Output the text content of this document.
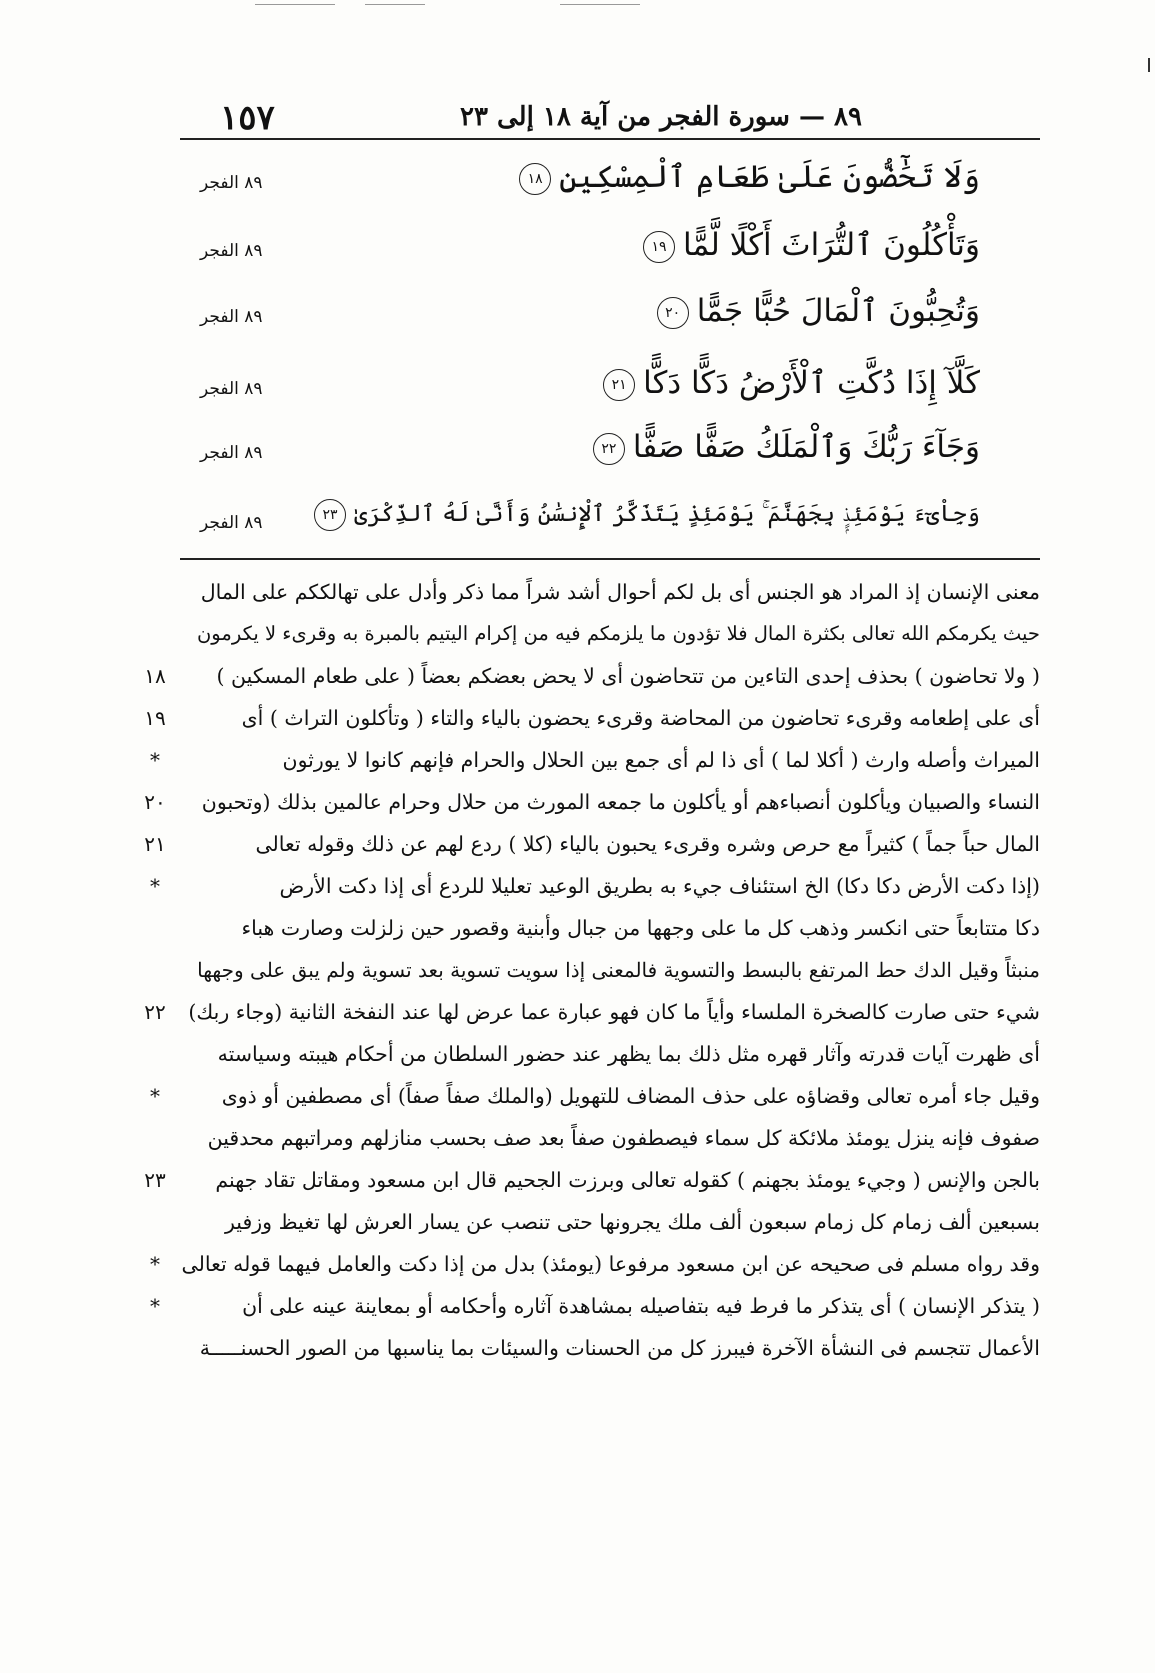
١٥٧	٨٩ — سورة الفجر من آية ١٨ إلى ٢٣
٨٩ الفجر	وَلَا تَحَٰٓضُّونَ عَلَىٰ طَعَامِ ٱلْمِسْكِينِ١٨
٨٩ الفجر	وَتَأْكُلُونَ ٱلتُّرَاثَ أَكْلًا لَّمًّا١٩
٨٩ الفجر	وَتُحِبُّونَ ٱلْمَالَ حُبًّا جَمًّا٢٠
٨٩ الفجر	كَلَّآ إِذَا دُكَّتِ ٱلْأَرْضُ دَكًّا دَكًّا٢١
٨٩ الفجر	وَجَآءَ رَبُّكَ وَٱلْمَلَكُ صَفًّا صَفًّا٢٢
٨٩ الفجر	وَجِاْىٓءَ يَوْمَئِذٍۭ بِجَهَنَّمَ ۚ يَوْمَئِذٍ يَتَذَكَّرُ ٱلْإِنسَٰنُ وَأَنَّىٰ لَهُ ٱلذِّكْرَىٰ٢٣
معنى الإنسان إذ المراد هو الجنس أى بل لكم أحوال أشد شراً مما ذكر وأدل على تهالككم على المال
حيث يكرمكم الله تعالى بكثرة المال فلا تؤدون ما يلزمكم فيه من إكرام اليتيم بالمبرة به وقرىء لا يكرمون
١٨ ( ولا تحاضون ) بحذف إحدى التاءين من تتحاضون أى لا يحض بعضكم بعضاً ( على طعام المسكين )
١٩	أى على إطعامه وقرىء تحاضون من المحاضة وقرىء يحضون بالياء والتاء ( وتأكلون التراث ) أى
*	الميراث وأصله وارث ( أكلا لما ) أى ذا لم أى جمع بين الحلال والحرام فإنهم كانوا لا يورثون
٢٠ النساء والصبيان ويأكلون أنصباءهم أو يأكلون ما جمعه المورث من حلال وحرام عالمين بذلك (وتحبون
٢١	المال حباً جماً ) كثيراً مع حرص وشره وقرىء يحبون بالياء (كلا ) ردع لهم عن ذلك وقوله تعالى
*	(إذا دكت الأرض دكا دكا) الخ استئناف جيء به بطريق الوعيد تعليلا للردع أى إذا دكت الأرض
دكا متتابعاً حتى انكسر وذهب كل ما على وجهها من جبال وأبنية وقصور حين زلزلت وصارت هباء
منبثاً وقيل الدك حط المرتفع بالبسط والتسوية فالمعنى إذا سويت تسوية بعد تسوية ولم يبق على وجهها
٢٢ شيء حتى صارت كالصخرة الملساء وأياً ما كان فهو عبارة عما عرض لها عند النفخة الثانية (وجاء ربك)
أى ظهرت آيات قدرته وآثار قهره مثل ذلك بما يظهر عند حضور السلطان من أحكام هيبته وسياسته
*	وقيل جاء أمره تعالى وقضاؤه على حذف المضاف للتهويل (والملك صفاً صفاً) أى مصطفين أو ذوى
صفوف فإنه ينزل يومئذ ملائكة كل سماء فيصطفون صفاً بعد صف بحسب منازلهم ومراتبهم محدقين
٢٣ بالجن والإنس ( وجيء يومئذ بجهنم ) كقوله تعالى وبرزت الجحيم قال ابن مسعود ومقاتل تقاد جهنم
بسبعين ألف زمام كل زمام سبعون ألف ملك يجرونها حتى تنصب عن يسار العرش لها تغيظ وزفير
*	وقد رواه مسلم فى صحيحه عن ابن مسعود مرفوعا (يومئذ) بدل من إذا دكت والعامل فيهما قوله تعالى
*	( يتذكر الإنسان ) أى يتذكر ما فرط فيه بتفاصيله بمشاهدة آثاره وأحكامه أو بمعاينة عينه على أن
الأعمال تتجسم فى النشأة الآخرة فيبرز كل من الحسنات والسيئات بما يناسبها من الصور الحسنـــــة
